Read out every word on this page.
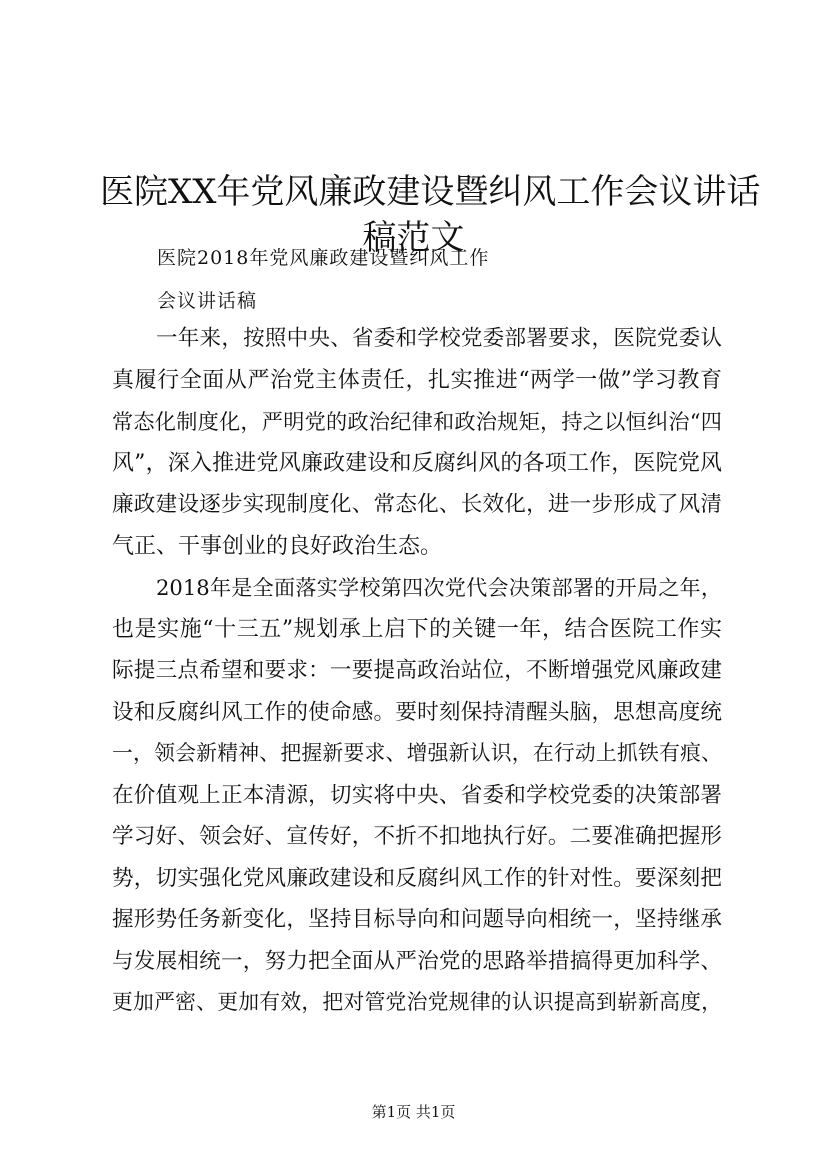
医院XX年党风廉政建设暨纠风工作会议讲话
稿范文
医院2018年党风廉政建设暨纠风工作
会议讲话稿
一年来，按照中央、省委和学校党委部署要求，医院党委认
真履行全面从严治党主体责任，扎实推进“两学一做”学习教育
常态化制度化，严明党的政治纪律和政治规矩，持之以恒纠治“四
风”，深入推进党风廉政建设和反腐纠风的各项工作，医院党风
廉政建设逐步实现制度化、常态化、长效化，进一步形成了风清
气正、干事创业的良好政治生态。
2018年是全面落实学校第四次党代会决策部署的开局之年，
也是实施“十三五”规划承上启下的关键一年，结合医院工作实
际提三点希望和要求：一要提高政治站位，不断增强党风廉政建
设和反腐纠风工作的使命感。要时刻保持清醒头脑，思想高度统
一，领会新精神、把握新要求、增强新认识，在行动上抓铁有痕、
在价值观上正本清源，切实将中央、省委和学校党委的决策部署
学习好、领会好、宣传好，不折不扣地执行好。二要准确把握形
势，切实强化党风廉政建设和反腐纠风工作的针对性。要深刻把
握形势任务新变化，坚持目标导向和问题导向相统一，坚持继承
与发展相统一，努力把全面从严治党的思路举措搞得更加科学、
更加严密、更加有效，把对管党治党规律的认识提高到崭新高度，
第1页 共1页
